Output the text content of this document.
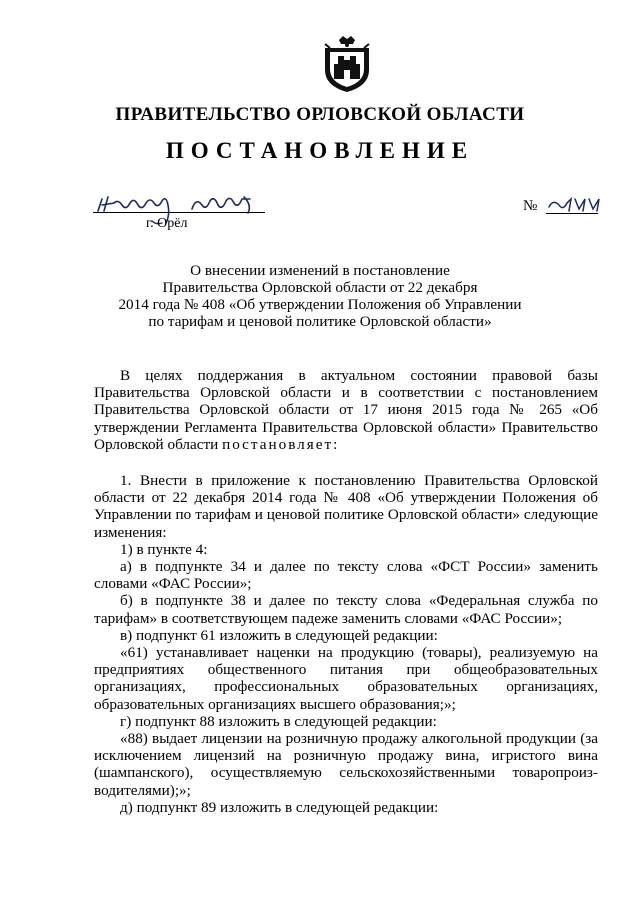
ПРАВИТЕЛЬСТВО ОРЛОВСКОЙ ОБЛАСТИ
ПОСТАНОВЛЕНИЕ
г. Орёл
№
О внесении изменений в постановление
Правительства Орловской области от 22 декабря
2014 года № 408 «Об утверждении Положения об Управлении
по тарифам и ценовой политике Орловской области»
В целях поддержания в актуальном состоянии правовой базы Правительства Орловской области и в соответствии с постановлением Правительства Орловской области от 17 июня 2015 года № 265 «Об утверждении Регламента Правительства Орловской области» Правительство Орловской области постановляет:
1. Внести в приложение к постановлению Правительства Орловской области от 22 декабря 2014 года № 408 «Об утверждении Положения об Управлении по тарифам и ценовой политике Орловской области» следующие изменения:
1) в пункте 4:
а) в подпункте 34 и далее по тексту слова «ФСТ России» заменить словами «ФАС России»;
б) в подпункте 38 и далее по тексту слова «Федеральная служба по тарифам» в соответствующем падеже заменить словами «ФАС России»;
в) подпункт 61 изложить в следующей редакции:
«61) устанавливает наценки на продукцию (товары), реализуемую на предприятиях общественного питания при общеобразовательных организациях, профессиональных образовательных организациях, образовательных организациях высшего образования;»;
г) подпункт 88 изложить в следующей редакции:
«88) выдает лицензии на розничную продажу алкогольной продукции (за исключением лицензий на розничную продажу вина, игристого вина (шампанского), осуществляемую сельскохозяйственными товаропроиз-водителями);»;
д) подпункт 89 изложить в следующей редакции:
